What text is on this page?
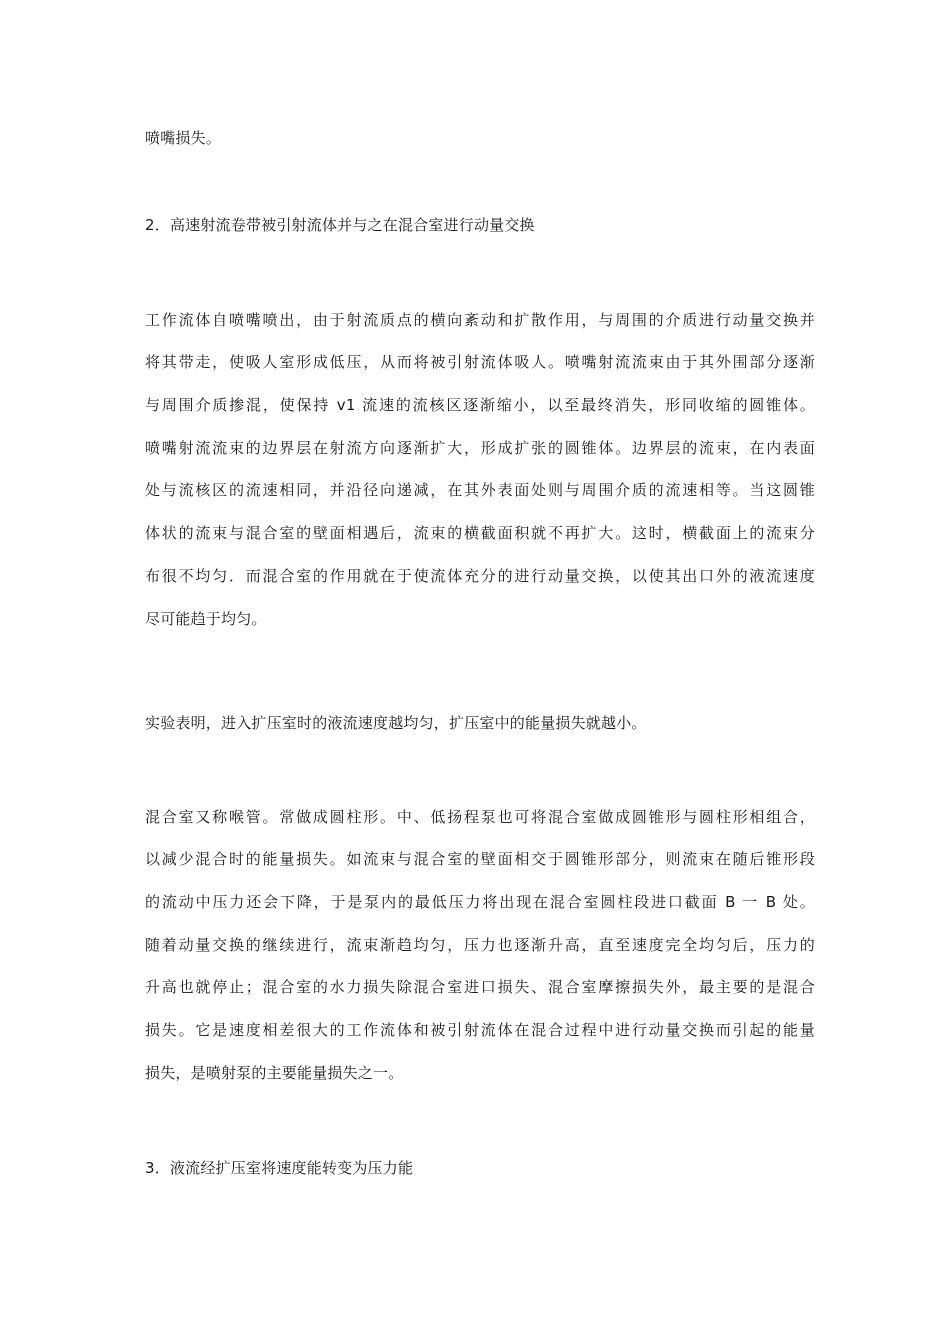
喷嘴损失。
2．高速射流卷带被引射流体并与之在混合室进行动量交换
工作流体自喷嘴喷出，由于射流质点的横向紊动和扩散作用，与周围的介质进行动量交换并
将其带走，使吸人室形成低压，从而将被引射流体吸人。喷嘴射流流束由于其外围部分逐渐
与周围介质掺混，使保持 v1 流速的流核区逐渐缩小，以至最终消失，形同收缩的圆锥体。
喷嘴射流流束的边界层在射流方向逐渐扩大，形成扩张的圆锥体。边界层的流束，在内表面
处与流核区的流速相同，并沿径向递减，在其外表面处则与周围介质的流速相等。当这圆锥
体状的流束与混合室的壁面相遇后，流束的横截面积就不再扩大。这时，横截面上的流束分
布很不均匀．而混合室的作用就在于使流体充分的进行动量交换，以使其出口外的液流速度
尽可能趋于均匀。
实验表明，进入扩压室时的液流速度越均匀，扩压室中的能量损失就越小。
混合室又称喉管。常做成圆柱形。中、低扬程泵也可将混合室做成圆锥形与圆柱形相组合，
以减少混合时的能量损失。如流束与混合室的壁面相交于圆锥形部分，则流束在随后锥形段
的流动中压力还会下降，于是泵内的最低压力将出现在混合室圆柱段进口截面 B 一 B 处。
随着动量交换的继续进行，流束渐趋均匀，压力也逐渐升高，直至速度完全均匀后，压力的
升高也就停止；混合室的水力损失除混合室进口损失、混合室摩擦损失外，最主要的是混合
损失。它是速度相差很大的工作流体和被引射流体在混合过程中进行动量交换而引起的能量
损失，是喷射泵的主要能量损失之一。
3．液流经扩压室将速度能转变为压力能
